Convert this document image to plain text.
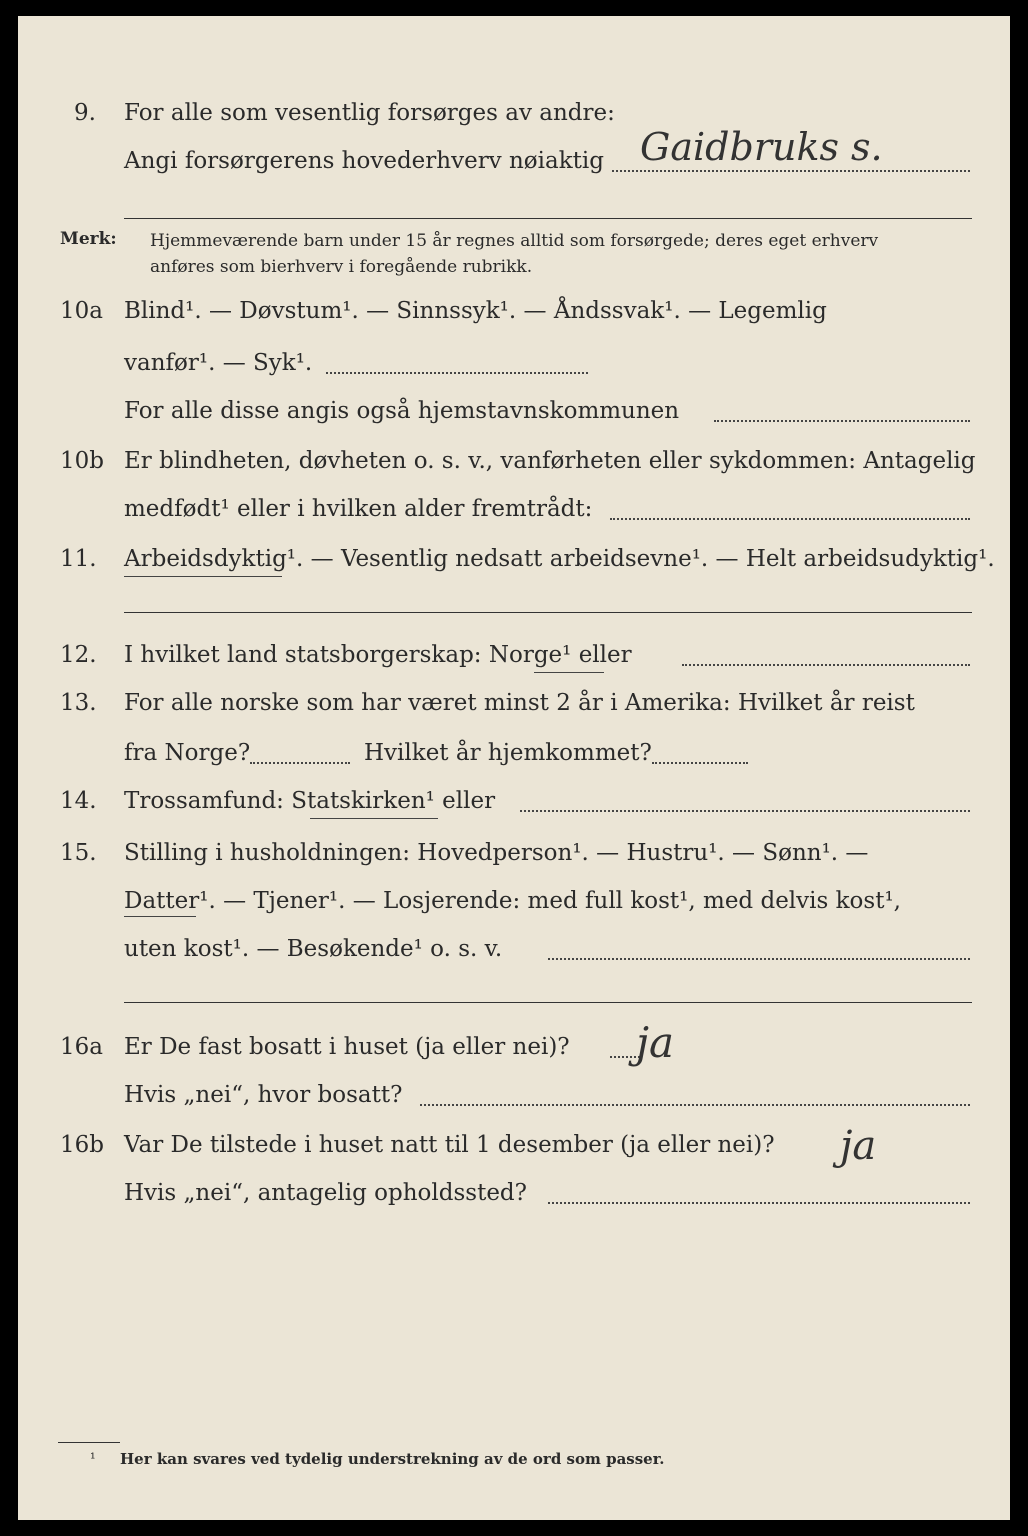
9. For alle som vesentlig forsørges av andre:
Angi forsørgerens hovederhverv nøiaktig Gaidbruks s.
Merk: Hjemmeværende barn under 15 år regnes alltid som forsørgede; deres eget erhverv
anføres som bierhverv i foregående rubrikk.
10a Blind¹. — Døvstum¹. — Sinnssyk¹. — Åndssvak¹. — Legemlig
vanfør¹. — Syk¹.
For alle disse angis også hjemstavnskommunen
10b Er blindheten, døvheten o. s. v., vanførheten eller sykdommen: Antagelig
medfødt¹ eller i hvilken alder fremtrådt:
11. Arbeidsdyktig¹. — Vesentlig nedsatt arbeidsevne¹. — Helt arbeidsudyktig¹.
12. I hvilket land statsborgerskap: Norge¹ eller
13. For alle norske som har været minst 2 år i Amerika: Hvilket år reist
fra Norge?	Hvilket år hjemkommet?
14. Trossamfund: Statskirken¹ eller
15. Stilling i husholdningen: Hovedperson¹. — Hustru¹. — Sønn¹. —
Datter¹. — Tjener¹. — Losjerende: med full kost¹, med delvis kost¹,
uten kost¹. — Besøkende¹ o. s. v.
16a Er De fast bosatt i huset (ja eller nei)? ja
Hvis „nei“, hvor bosatt?
16b Var De tilstede i huset natt til 1 desember (ja eller nei)? ja
Hvis „nei“, antagelig opholdssted?
¹ Her kan svares ved tydelig understrekning av de ord som passer.
